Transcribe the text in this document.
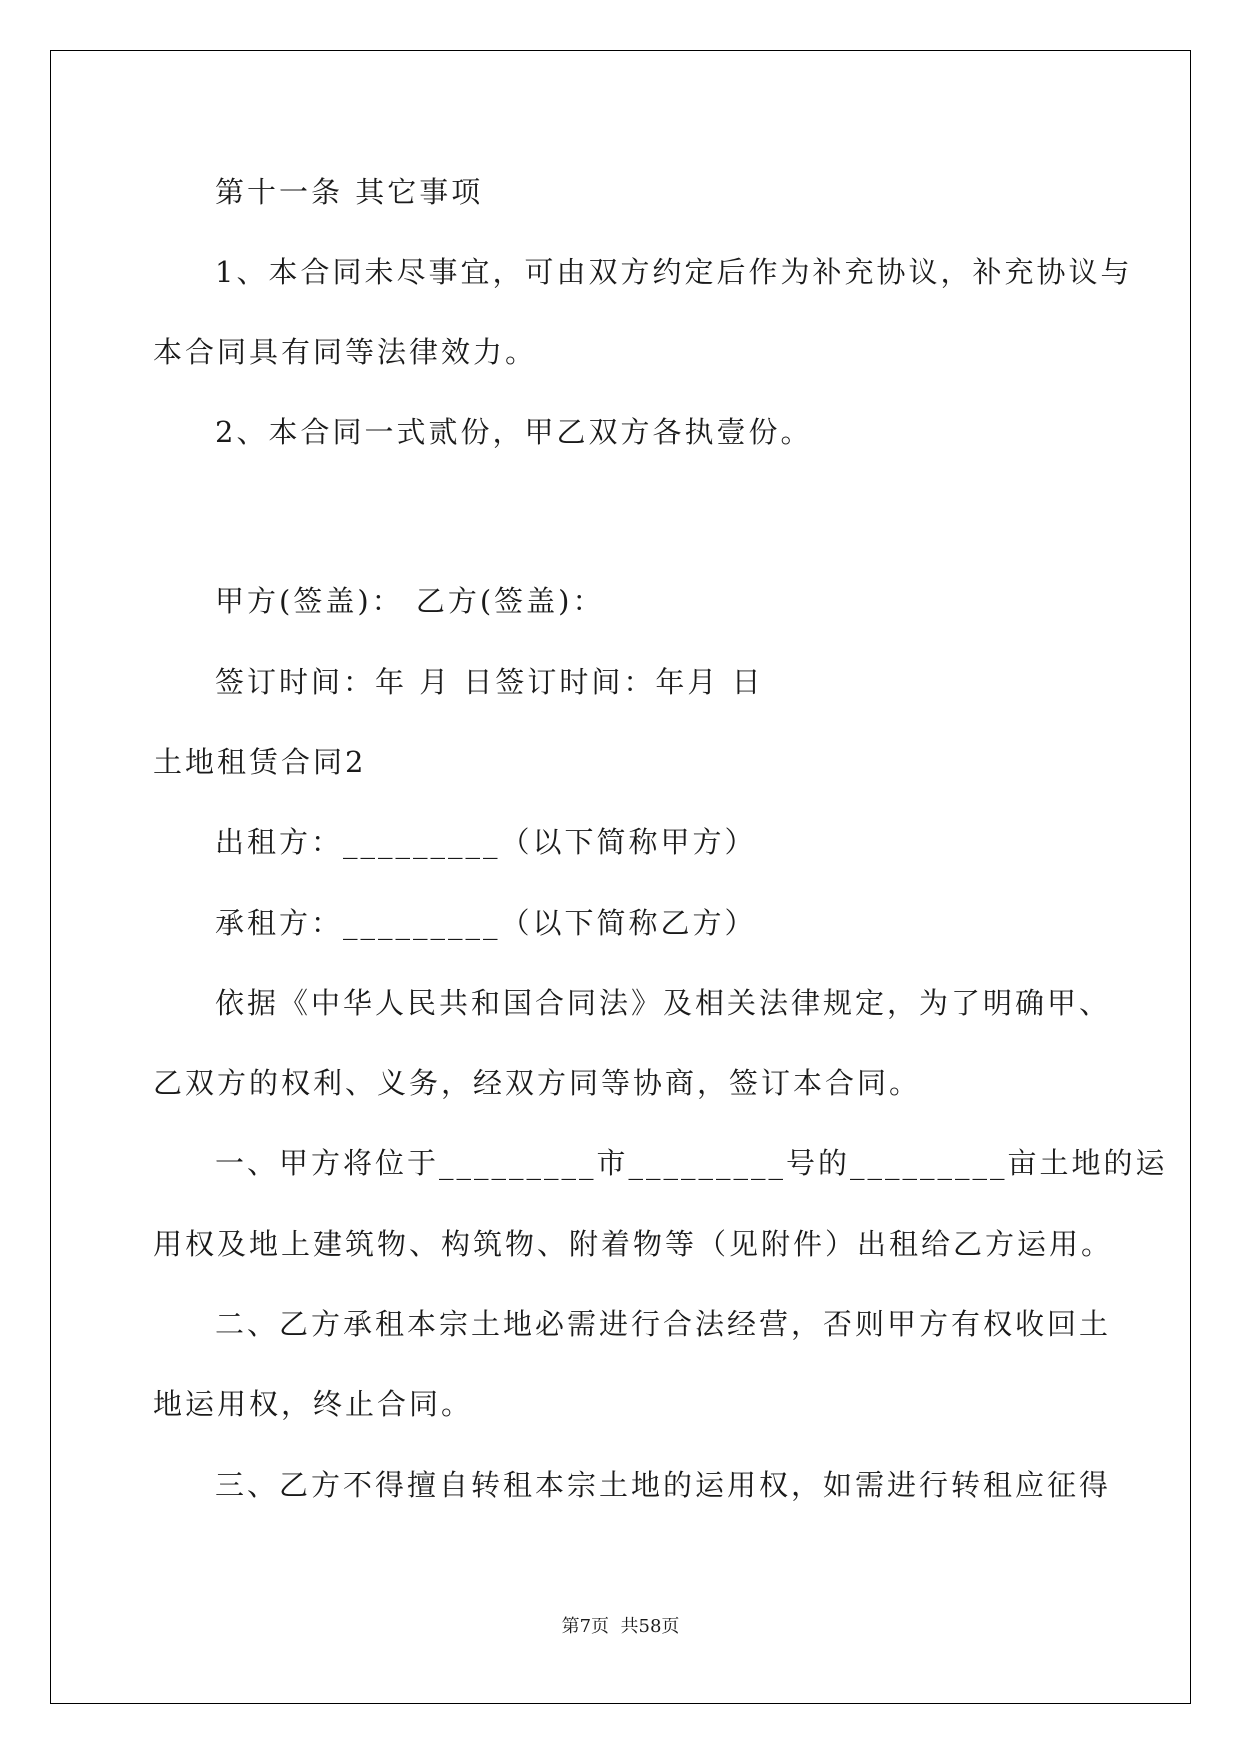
第十一条 其它事项
1、本合同未尽事宜，可由双方约定后作为补充协议，补充协议与
本合同具有同等法律效力。
2、本合同一式贰份，甲乙双方各执壹份。
甲方(签盖)： 乙方(签盖)：
签订时间：年 月 日签订时间：年月 日
土地租赁合同2
出租方：_________（以下简称甲方）
承租方：_________（以下简称乙方）
依据《中华人民共和国合同法》及相关法律规定，为了明确甲、
乙双方的权利、义务，经双方同等协商，签订本合同。
一、甲方将位于_________市_________号的_________亩土地的运
用权及地上建筑物、构筑物、附着物等（见附件）出租给乙方运用。
二、乙方承租本宗土地必需进行合法经营，否则甲方有权收回土
地运用权，终止合同。
三、乙方不得擅自转租本宗土地的运用权，如需进行转租应征得
第7页  共58页
